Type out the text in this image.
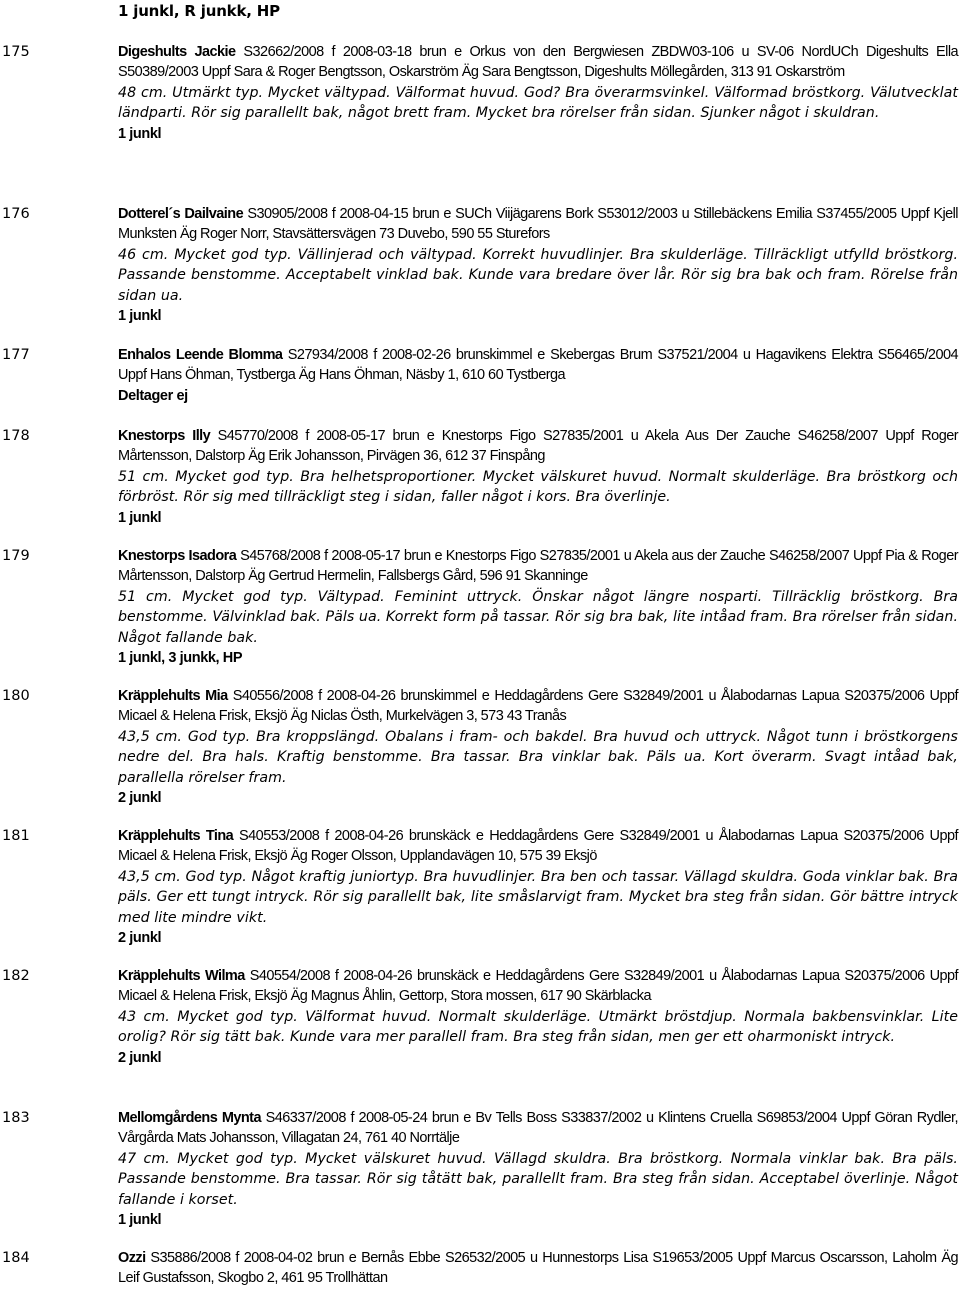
1 junkl, R junkk, HP
175	Digeshults Jackie S32662/2008 f 2008-03-18 brun e Orkus von den Bergwiesen ZBDW03-106 u SV-06 NordUCh Digeshults Ella S50389/2003 Uppf Sara & Roger Bengtsson, Oskarström Äg Sara Bengtsson, Digeshults Möllegården, 313 91 Oskarström
48 cm. Utmärkt typ. Mycket vältypad. Välformat huvud. God? Bra överarmsvinkel. Välformad bröstkorg. Välutvecklat ländparti. Rör sig parallellt bak, något brett fram. Mycket bra rörelser från sidan. Sjunker något i skuldran.
1 junkl
176	Dotterel´s Dailvaine S30905/2008 f 2008-04-15 brun e SUCh Viijägarens Bork S53012/2003 u Stillebäckens Emilia S37455/2005 Uppf Kjell Munksten Äg Roger Norr, Stavsättersvägen 73 Duvebo, 590 55 Sturefors
46 cm. Mycket god typ. Vällinjerad och vältypad. Korrekt huvudlinjer. Bra skulderläge. Tillräckligt utfylld bröstkorg. Passande benstomme. Acceptabelt vinklad bak. Kunde vara bredare över lår. Rör sig bra bak och fram. Rörelse från sidan ua.
1 junkl
177	Enhalos Leende Blomma S27934/2008 f 2008-02-26 brunskimmel e Skebergas Brum S37521/2004 u Hagavikens Elektra S56465/2004 Uppf Hans Öhman, Tystberga Äg Hans Öhman, Näsby 1, 610 60 Tystberga
Deltager ej
178	Knestorps Illy S45770/2008 f 2008-05-17 brun e Knestorps Figo S27835/2001 u Akela Aus Der Zauche S46258/2007 Uppf Roger Mårtensson, Dalstorp Äg Erik Johansson, Pirvägen 36, 612 37 Finspång
51 cm. Mycket god typ. Bra helhetsproportioner. Mycket välskuret huvud. Normalt skulderläge. Bra bröstkorg och förbröst. Rör sig med tillräckligt steg i sidan, faller något i kors. Bra överlinje.
1 junkl
179	Knestorps Isadora S45768/2008 f 2008-05-17 brun e Knestorps Figo S27835/2001 u Akela aus der Zauche S46258/2007 Uppf Pia & Roger Mårtensson, Dalstorp Äg Gertrud Hermelin, Fallsbergs Gård, 596 91 Skanninge
51 cm. Mycket god typ. Vältypad. Feminint uttryck. Önskar något längre nosparti. Tillräcklig bröstkorg. Bra benstomme. Välvinklad bak. Päls ua. Korrekt form på tassar. Rör sig bra bak, lite intåad fram. Bra rörelser från sidan. Något fallande bak.
1 junkl, 3 junkk, HP
180	Kräpplehults Mia S40556/2008 f 2008-04-26 brunskimmel e Heddagårdens Gere S32849/2001 u Ålabodarnas Lapua S20375/2006 Uppf Micael & Helena Frisk, Eksjö Äg Niclas Östh, Murkelvägen 3, 573 43 Tranås
43,5 cm. God typ. Bra kroppslängd. Obalans i fram- och bakdel. Bra huvud och uttryck. Något tunn i bröstkorgens nedre del. Bra hals. Kraftig benstomme. Bra tassar. Bra vinklar bak. Päls ua. Kort överarm. Svagt intåad bak, parallella rörelser fram.
2 junkl
181	Kräpplehults Tina S40553/2008 f 2008-04-26 brunskäck e Heddagårdens Gere S32849/2001 u Ålabodarnas Lapua S20375/2006 Uppf Micael & Helena Frisk, Eksjö Äg Roger Olsson, Upplandavägen 10, 575 39 Eksjö
43,5 cm. God typ. Något kraftig juniortyp. Bra huvudlinjer. Bra ben och tassar. Vällagd skuldra. Goda vinklar bak. Bra päls. Ger ett tungt intryck. Rör sig parallellt bak, lite småslarvigt fram. Mycket bra steg från sidan. Gör bättre intryck med lite mindre vikt.
2 junkl
182	Kräpplehults Wilma S40554/2008 f 2008-04-26 brunskäck e Heddagårdens Gere S32849/2001 u Ålabodarnas Lapua S20375/2006 Uppf Micael & Helena Frisk, Eksjö Äg Magnus Åhlin, Gettorp, Stora mossen, 617 90 Skärblacka
43 cm. Mycket god typ. Välformat huvud. Normalt skulderläge. Utmärkt bröstdjup. Normala bakbensvinklar. Lite orolig? Rör sig tätt bak. Kunde vara mer parallell fram. Bra steg från sidan, men ger ett oharmoniskt intryck.
2 junkl
183	Mellomgårdens Mynta S46337/2008 f 2008-05-24 brun e Bv Tells Boss S33837/2002 u Klintens Cruella S69853/2004 Uppf Göran Rydler, Vårgårda Mats Johansson, Villagatan 24, 761 40 Norrtälje
47 cm. Mycket god typ. Mycket välskuret huvud. Vällagd skuldra. Bra bröstkorg. Normala vinklar bak. Bra päls. Passande benstomme. Bra tassar. Rör sig tåtätt bak, parallellt fram. Bra steg från sidan. Acceptabel överlinje. Något fallande i korset.
1 junkl
184	Ozzi S35886/2008 f 2008-04-02 brun e Bernås Ebbe S26532/2005 u Hunnestorps Lisa S19653/2005 Uppf Marcus Oscarsson, Laholm Äg Leif Gustafsson, Skogbo 2, 461 95 Trollhättan
